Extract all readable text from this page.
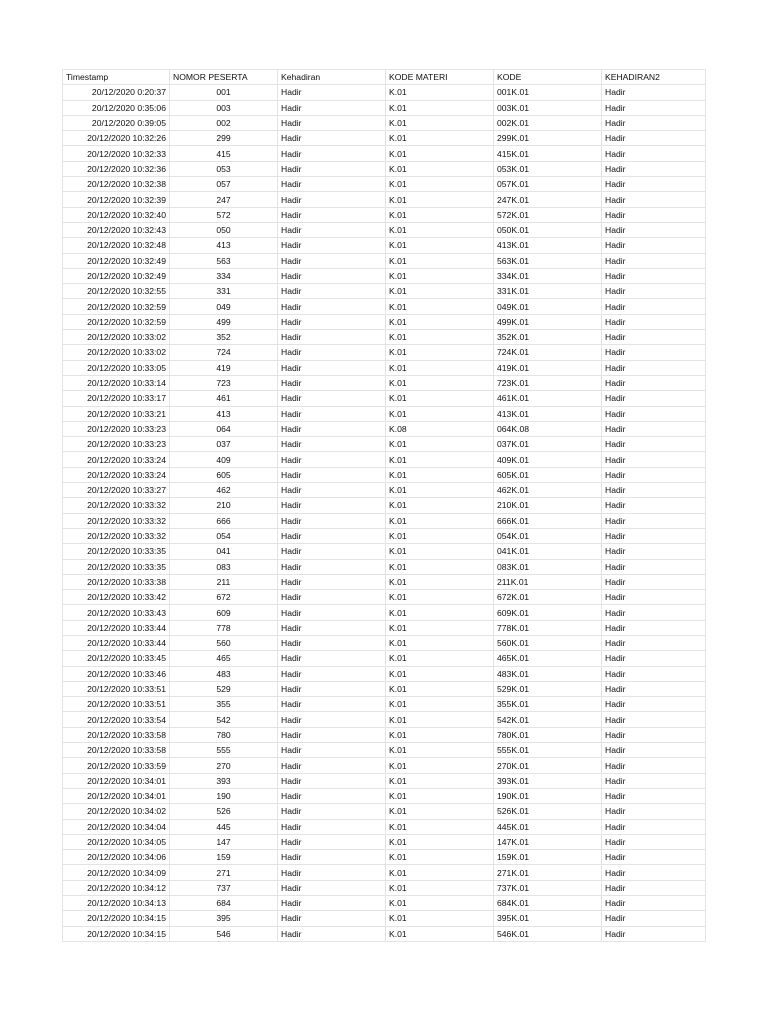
Timestamp	NOMOR PESERTA	Kehadiran	KODE MATERI	KODE	KEHADIRAN2
20/12/2020 0:20:37	001	Hadir	K.01	001K.01	Hadir
20/12/2020 0:35:06	003	Hadir	K.01	003K.01	Hadir
20/12/2020 0:39:05	002	Hadir	K.01	002K.01	Hadir
20/12/2020 10:32:26	299	Hadir	K.01	299K.01	Hadir
20/12/2020 10:32:33	415	Hadir	K.01	415K.01	Hadir
20/12/2020 10:32:36	053	Hadir	K.01	053K.01	Hadir
20/12/2020 10:32:38	057	Hadir	K.01	057K.01	Hadir
20/12/2020 10:32:39	247	Hadir	K.01	247K.01	Hadir
20/12/2020 10:32:40	572	Hadir	K.01	572K.01	Hadir
20/12/2020 10:32:43	050	Hadir	K.01	050K.01	Hadir
20/12/2020 10:32:48	413	Hadir	K.01	413K.01	Hadir
20/12/2020 10:32:49	563	Hadir	K.01	563K.01	Hadir
20/12/2020 10:32:49	334	Hadir	K.01	334K.01	Hadir
20/12/2020 10:32:55	331	Hadir	K.01	331K.01	Hadir
20/12/2020 10:32:59	049	Hadir	K.01	049K.01	Hadir
20/12/2020 10:32:59	499	Hadir	K.01	499K.01	Hadir
20/12/2020 10:33:02	352	Hadir	K.01	352K.01	Hadir
20/12/2020 10:33:02	724	Hadir	K.01	724K.01	Hadir
20/12/2020 10:33:05	419	Hadir	K.01	419K.01	Hadir
20/12/2020 10:33:14	723	Hadir	K.01	723K.01	Hadir
20/12/2020 10:33:17	461	Hadir	K.01	461K.01	Hadir
20/12/2020 10:33:21	413	Hadir	K.01	413K.01	Hadir
20/12/2020 10:33:23	064	Hadir	K.08	064K.08	Hadir
20/12/2020 10:33:23	037	Hadir	K.01	037K.01	Hadir
20/12/2020 10:33:24	409	Hadir	K.01	409K.01	Hadir
20/12/2020 10:33:24	605	Hadir	K.01	605K.01	Hadir
20/12/2020 10:33:27	462	Hadir	K.01	462K.01	Hadir
20/12/2020 10:33:32	210	Hadir	K.01	210K.01	Hadir
20/12/2020 10:33:32	666	Hadir	K.01	666K.01	Hadir
20/12/2020 10:33:32	054	Hadir	K.01	054K.01	Hadir
20/12/2020 10:33:35	041	Hadir	K.01	041K.01	Hadir
20/12/2020 10:33:35	083	Hadir	K.01	083K.01	Hadir
20/12/2020 10:33:38	211	Hadir	K.01	211K.01	Hadir
20/12/2020 10:33:42	672	Hadir	K.01	672K.01	Hadir
20/12/2020 10:33:43	609	Hadir	K.01	609K.01	Hadir
20/12/2020 10:33:44	778	Hadir	K.01	778K.01	Hadir
20/12/2020 10:33:44	560	Hadir	K.01	560K.01	Hadir
20/12/2020 10:33:45	465	Hadir	K.01	465K.01	Hadir
20/12/2020 10:33:46	483	Hadir	K.01	483K.01	Hadir
20/12/2020 10:33:51	529	Hadir	K.01	529K.01	Hadir
20/12/2020 10:33:51	355	Hadir	K.01	355K.01	Hadir
20/12/2020 10:33:54	542	Hadir	K.01	542K.01	Hadir
20/12/2020 10:33:58	780	Hadir	K.01	780K.01	Hadir
20/12/2020 10:33:58	555	Hadir	K.01	555K.01	Hadir
20/12/2020 10:33:59	270	Hadir	K.01	270K.01	Hadir
20/12/2020 10:34:01	393	Hadir	K.01	393K.01	Hadir
20/12/2020 10:34:01	190	Hadir	K.01	190K.01	Hadir
20/12/2020 10:34:02	526	Hadir	K.01	526K.01	Hadir
20/12/2020 10:34:04	445	Hadir	K.01	445K.01	Hadir
20/12/2020 10:34:05	147	Hadir	K.01	147K.01	Hadir
20/12/2020 10:34:06	159	Hadir	K.01	159K.01	Hadir
20/12/2020 10:34:09	271	Hadir	K.01	271K.01	Hadir
20/12/2020 10:34:12	737	Hadir	K.01	737K.01	Hadir
20/12/2020 10:34:13	684	Hadir	K.01	684K.01	Hadir
20/12/2020 10:34:15	395	Hadir	K.01	395K.01	Hadir
20/12/2020 10:34:15	546	Hadir	K.01	546K.01	Hadir
